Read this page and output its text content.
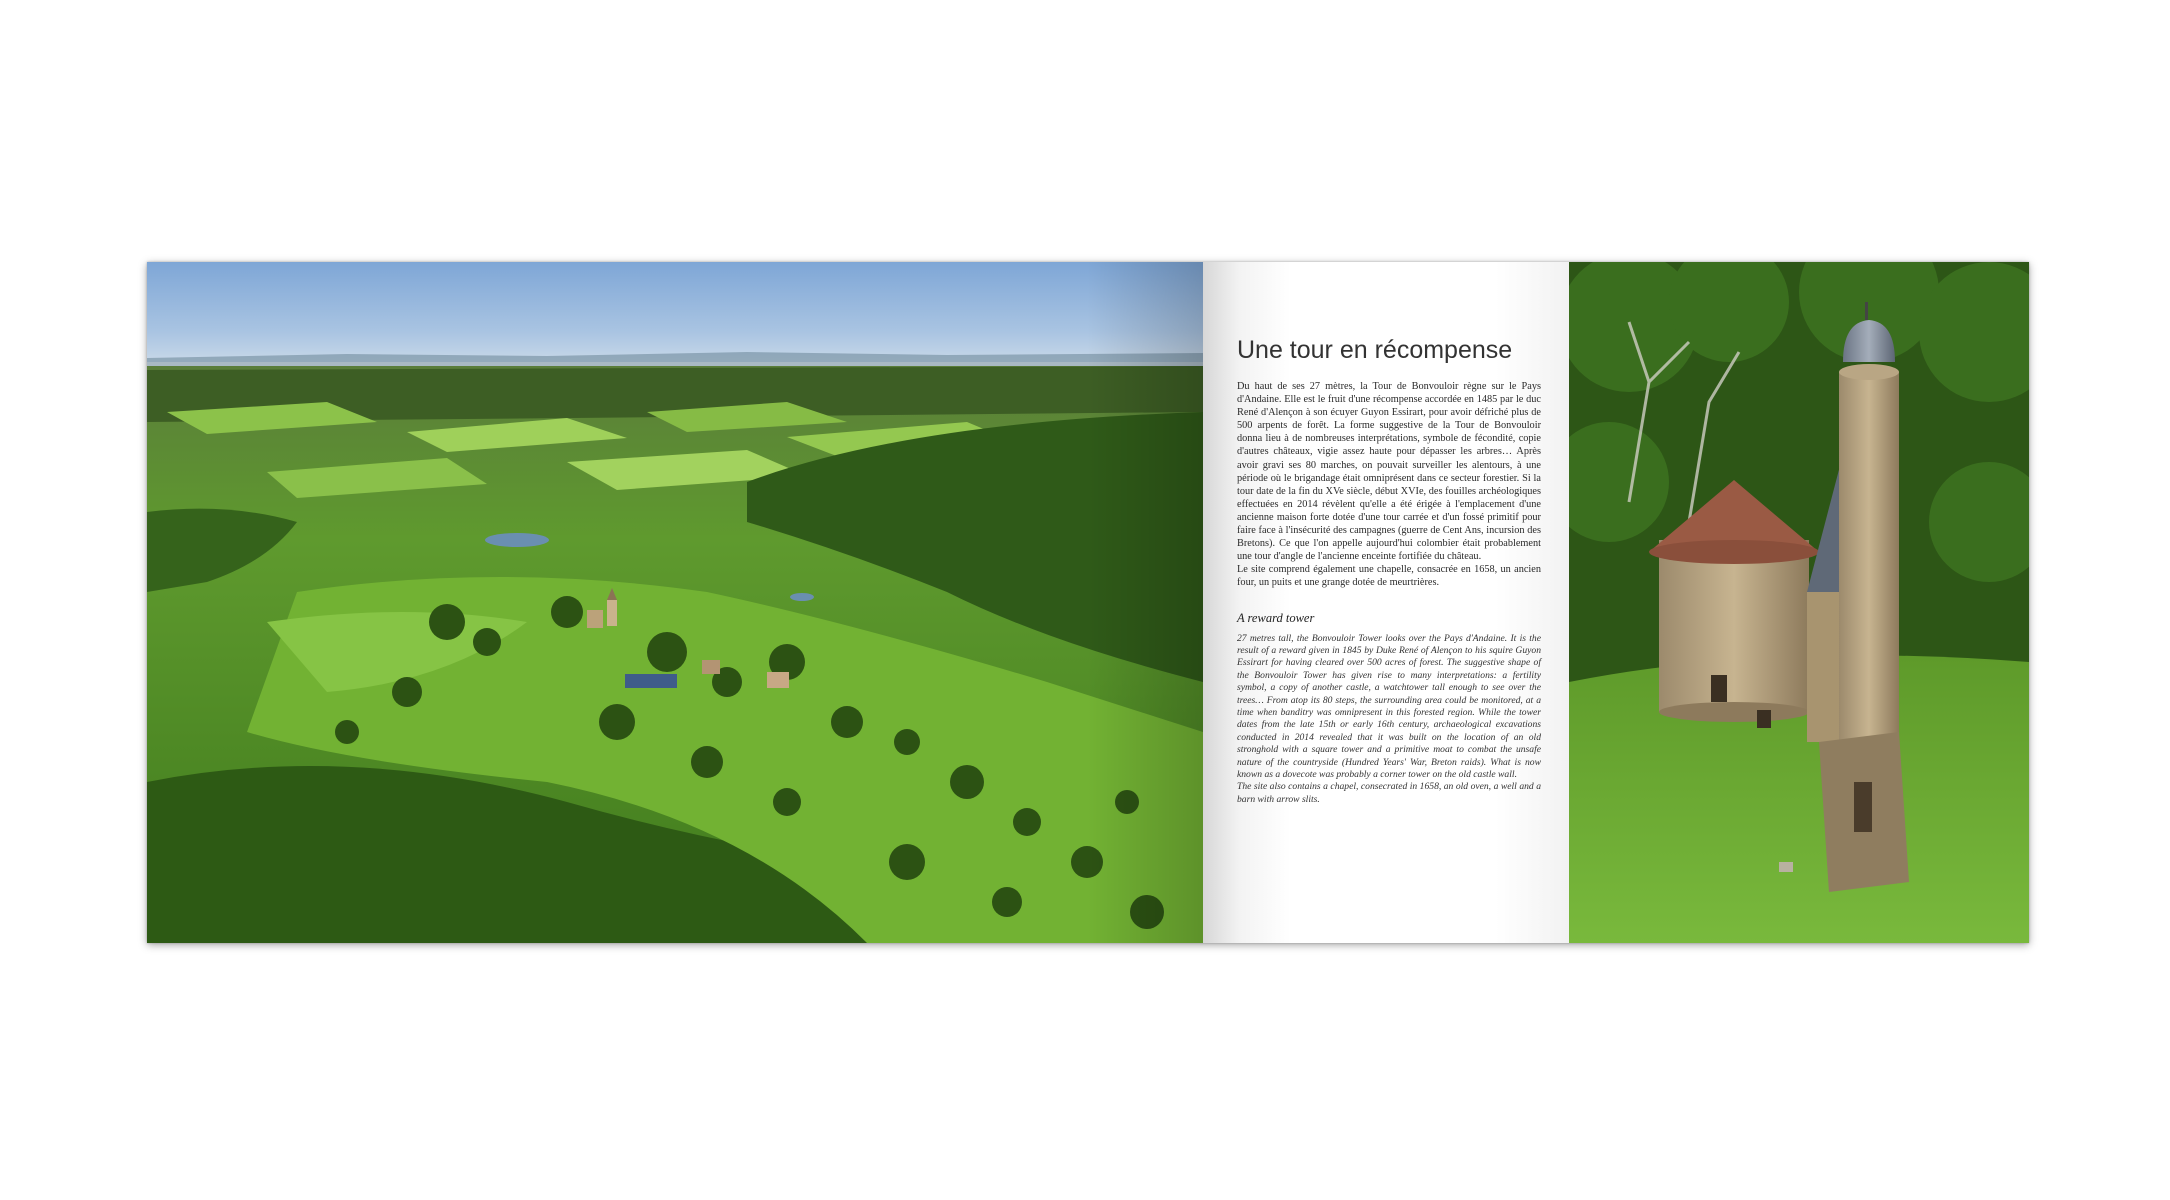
Une tour en récompense

Du haut de ses 27 mètres, la Tour de Bonvouloir règne sur le Pays d'Andaine. Elle est le fruit d'une récompense accordée en 1485 par le duc René d'Alençon à son écuyer Guyon Essirart, pour avoir défriché plus de 500 arpents de forêt. La forme suggestive de la Tour de Bonvouloir donna lieu à de nombreuses interprétations, symbole de fécondité, copie d'autres châteaux, vigie assez haute pour dépasser les arbres… Après avoir gravi ses 80 marches, on pouvait surveiller les alentours, à une période où le brigandage était omniprésent dans ce secteur forestier. Si la tour date de la fin du XVe siècle, début XVIe, des fouilles archéologiques effectuées en 2014 révèlent qu'elle a été érigée à l'emplacement d'une ancienne maison forte dotée d'une tour carrée et d'un fossé primitif pour faire face à l'insécurité des campagnes (guerre de Cent Ans, incursion des Bretons). Ce que l'on appelle aujourd'hui colombier était probablement une tour d'angle de l'ancienne enceinte fortifiée du château.

Le site comprend également une chapelle, consacrée en 1658, un ancien four, un puits et une grange dotée de meurtrières.

A reward tower

27 metres tall, the Bonvouloir Tower looks over the Pays d'Andaine. It is the result of a reward given in 1845 by Duke René of Alençon to his squire Guyon Essirart for having cleared over 500 acres of forest. The suggestive shape of the Bonvouloir Tower has given rise to many interpretations: a fertility symbol, a copy of another castle, a watchtower tall enough to see over the trees… From atop its 80 steps, the surrounding area could be monitored, at a time when banditry was omnipresent in this forested region. While the tower dates from the late 15th or early 16th century, archaeological excavations conducted in 2014 revealed that it was built on the location of an old stronghold with a square tower and a primitive moat to combat the unsafe nature of the countryside (Hundred Years' War, Breton raids). What is now known as a dovecote was probably a corner tower on the old castle wall.

The site also contains a chapel, consecrated in 1658, an old oven, a well and a barn with arrow slits.
